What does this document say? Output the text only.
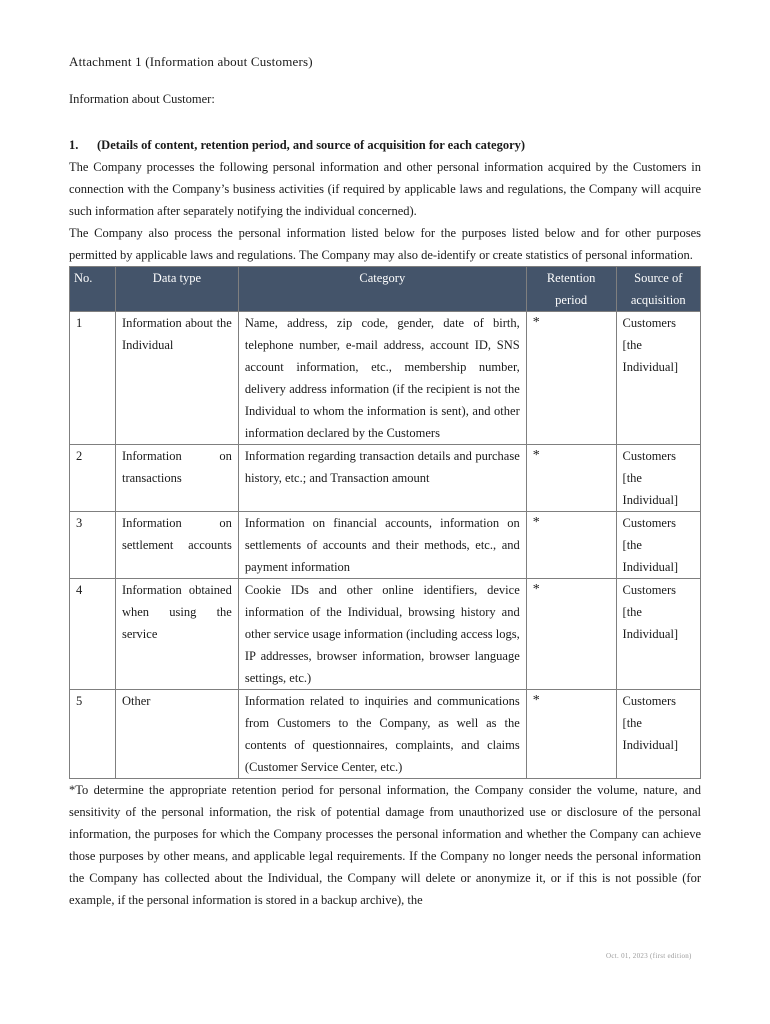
Attachment 1 (Information about Customers)
Information about Customer:
1.	(Details of content, retention period, and source of acquisition for each category)

The Company processes the following personal information and other personal information acquired by the Customers in connection with the Company’s business activities (if required by applicable laws and regulations, the Company will acquire such information after separately notifying the individual concerned).

The Company also process the personal information listed below for the purposes listed below and for other purposes permitted by applicable laws and regulations. The Company may also de-identify or create statistics of personal information.

No.	Data type	Category	Retention period	Source of acquisition
1	Information about the Individual	Name, address, zip code, gender, date of birth, telephone number, e-mail address, account ID, SNS account information, etc., membership number, delivery address information (if the recipient is not the Individual to whom the information is sent), and other information declared by the Customers	*	Customers [the Individual]
2	Information on transactions	Information regarding transaction details and purchase history, etc.; and Transaction amount	*	Customers [the Individual]
3	Information on settlement accounts	Information on financial accounts, information on settlements of accounts and their methods, etc., and payment information	*	Customers [the Individual]
4	Information obtained when using the service	Cookie IDs and other online identifiers, device information of the Individual, browsing history and other service usage information (including access logs, IP addresses, browser information, browser language settings, etc.)	*	Customers [the Individual]
5	Other	Information related to inquiries and communications from Customers to the Company, as well as the contents of questionnaires, complaints, and claims (Customer Service Center, etc.)	*	Customers [the Individual]

*To determine the appropriate retention period for personal information, the Company consider the volume, nature, and sensitivity of the personal information, the risk of potential damage from unauthorized use or disclosure of the personal information, the purposes for which the Company processes the personal information and whether the Company can achieve those purposes by other means, and applicable legal requirements. If the Company no longer needs the personal information the Company has collected about the Individual, the Company will delete or anonymize it, or if this is not possible (for example, if the personal information is stored in a backup archive), the

Oct. 01, 2023 (first edition)
